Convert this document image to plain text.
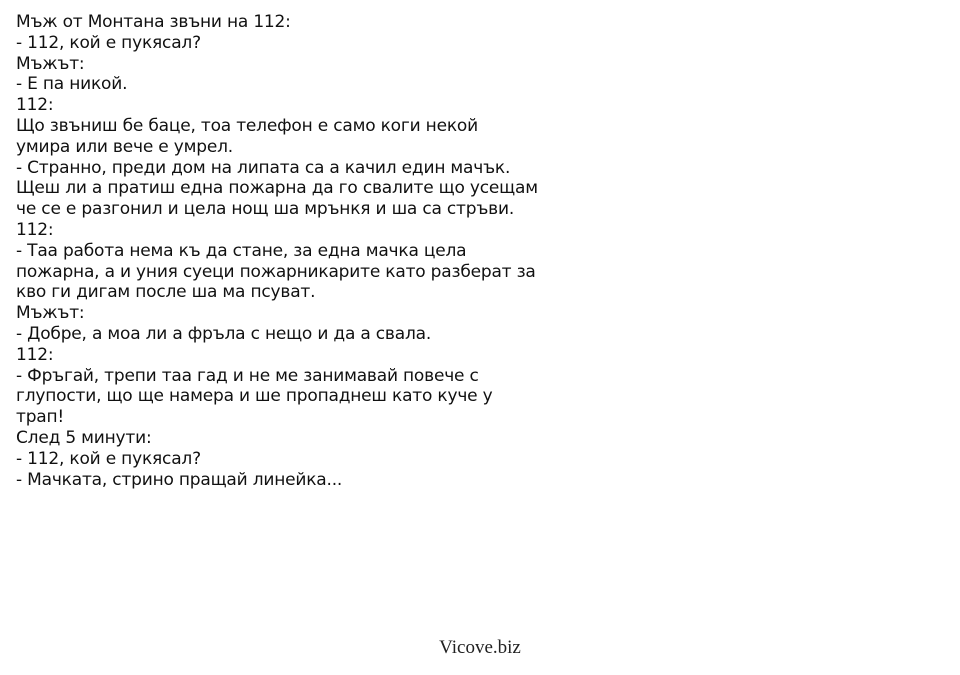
Мъж от Монтана звъни на 112:
- 112, кой е пукясал?
Мъжът:
- Е па никой.
112:
Що звъниш бе баце, тоа телефон е само коги некой
умира или вече е умрел.
- Странно, преди дом на липата са а качил един мачък.
Щеш ли а пратиш една пожарна да го свалите що усещам
че се е разгонил и цела нощ ша мрънкя и ша са стръви.
112:
- Таа работа нема къ да стане, за една мачка цела
пожарна, а и уния суеци пожарникарите като разберат за
кво ги дигам после ша ма псуват.
Мъжът:
- Добре, а моа ли а фръла с нещо и да а свала.
112:
- Фръгай, трепи таа гад и не ме занимавай повече с
глупости, що ще намера и ше пропаднеш като куче у
трап!
След 5 минути:
- 112, кой е пукясал?
- Мачката, стрино пращай линейка...
Vicove.biz
